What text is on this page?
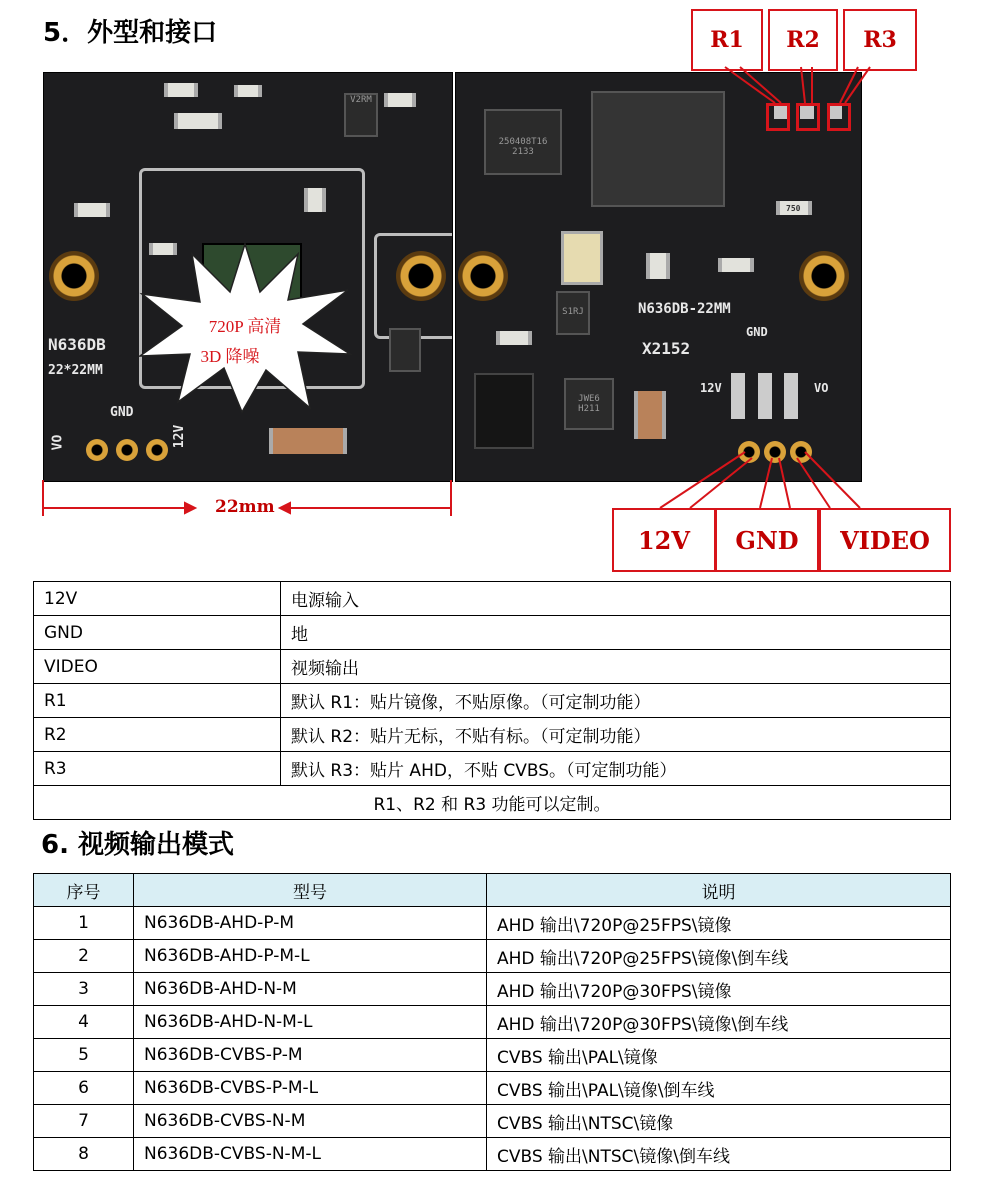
5．外型和接口
V2RM
N636DB
22*22MM
GND
12V
VO
720P 高清
3D 降噪
250408T16 2133
S1RJ
JWE6 H211
750
N636DB-22MM
X2152
GND
12V	VO
R1	R2	R3
12V	GND	VIDEO
22mm
12V	电源输入
GND	地
VIDEO	视频输出
R1	默认 R1：贴片镜像，不贴原像。（可定制功能）
R2	默认 R2：贴片无标，不贴有标。（可定制功能）
R3	默认 R3：贴片 AHD，不贴 CVBS。（可定制功能）
R1、R2 和 R3 功能可以定制。	
6. 视频输出模式
序号	型号	说明
1	N636DB-AHD-P-M	AHD 输出\720P@25FPS\镜像
2	N636DB-AHD-P-M-L	AHD 输出\720P@25FPS\镜像\倒车线
3	N636DB-AHD-N-M	AHD 输出\720P@30FPS\镜像
4	N636DB-AHD-N-M-L	AHD 输出\720P@30FPS\镜像\倒车线
5	N636DB-CVBS-P-M	CVBS 输出\PAL\镜像
6	N636DB-CVBS-P-M-L	CVBS 输出\PAL\镜像\倒车线
7	N636DB-CVBS-N-M	CVBS 输出\NTSC\镜像
8	N636DB-CVBS-N-M-L	CVBS 输出\NTSC\镜像\倒车线
